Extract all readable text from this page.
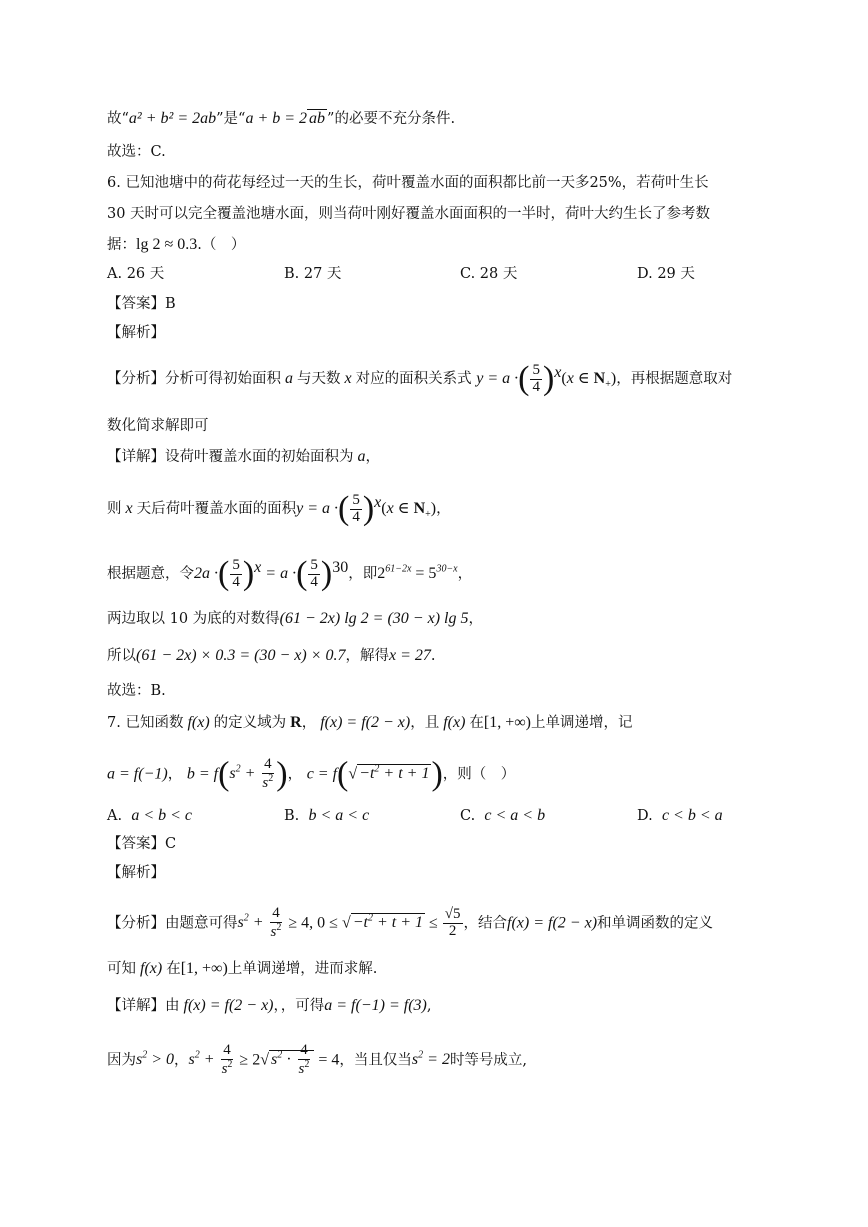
故“a² + b² = 2ab”是“a + b = 2 ab ”的必要不充分条件.
故选：C.
6. 已知池塘中的荷花每经过一天的生长，荷叶覆盖水面的面积都比前一天多25%，若荷叶生长
30 天时可以完全覆盖池塘水面，则当荷叶刚好覆盖水面面积的一半时，荷叶大约生长了参考数
据：lg 2 ≈ 0.3.（　）
A. 26 天	B. 27 天	C. 28 天	D. 29 天
【答案】B
【解析】
【分析】分析可得初始面积 a 与天数 x 对应的面积关系式 y = a ·( $\frac{5}{4} )^x(x$ ∈ $N_+$)，再根据题意取对
数化简求解即可
【详解】设荷叶覆盖水面的初始面积为 a，
则 x 天后荷叶覆盖水面的面积y = a ·( $\frac{5}{4} )^x(x$ ∈ $N_+$)，
根据题意，令2a ·( $\frac{5}{4} )^x = a$ ·( $\frac{5}{4} )^{30}$，即$2^{61-2x} = 5^{30-x}$，
两边取以 10 为底的对数得(61 − 2x) lg 2 = (30 − x) lg 5，
所以(61 − 2x) × 0.3 = (30 − x) × 0.7，解得x = 27.
故选：B.
7. 已知函数 f(x) 的定义域为 R， f(x) = f(2 − x)，且 f(x) 在[1, +∞)上单调递增，记
a = f(−1)， $b = f(s^2 + \frac{4}{s^2}$ )， $c = f(√ -t^2 + t + 1)$，则（　）
A. a < b < c	B. b < a < c	C. c < a < b	D. c < b < a
【答案】C
【解析】
【分析】由题意可得$s^2 + \frac{4}{s^2} \ge 4$, 0 ≤ √ $-t^2 + t + 1 \le \frac{√5}{2}$ ，结合f(x) = f(2 − x)和单调函数的定义
可知 f(x) 在[1, +∞)上单调递增，进而求解.
【详解】由 f(x) = f(2 − x)，，可得a = f(−1) = f(3),
因为$s^2 > 0$，$s^2 + \frac{4}{s^2} \ge 2√$ $s^2 \cdot \frac{4}{s^2} = 4$，当且仅当$s^2 = 2$时等号成立,
